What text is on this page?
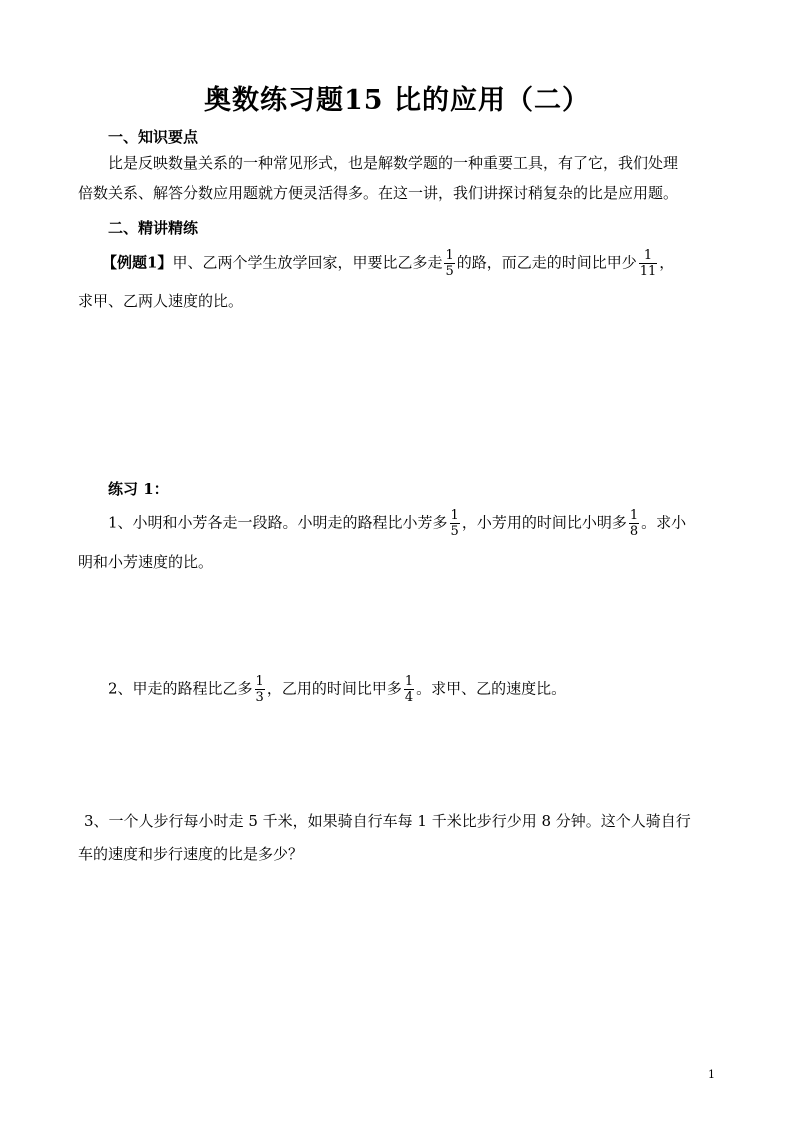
奥数练习题15 比的应用（二）
一、知识要点
比是反映数量关系的一种常见形式，也是解数学题的一种重要工具，有了它，我们处理
倍数关系、解答分数应用题就方便灵活得多。在这一讲，我们讲探讨稍复杂的比是应用题。
二、精讲精练
【例题1】甲、乙两个学生放学回家，甲要比乙多走 $\frac{1}{5}$ 的路，而乙走的时间比甲少 $\frac{1}{11}$ ，
求甲、乙两人速度的比。
练习 1：
1、小明和小芳各走一段路。小明走的路程比小芳多 $\frac{1}{5}$ ，小芳用的时间比小明多 $\frac{1}{8}$ 。求小
明和小芳速度的比。
2、甲走的路程比乙多 $\frac{1}{3}$ ，乙用的时间比甲多 $\frac{1}{4}$ 。求甲、乙的速度比。
3、一个人步行每小时走 5 千米，如果骑自行车每 1 千米比步行少用 8 分钟。这个人骑自行
车的速度和步行速度的比是多少？
1
